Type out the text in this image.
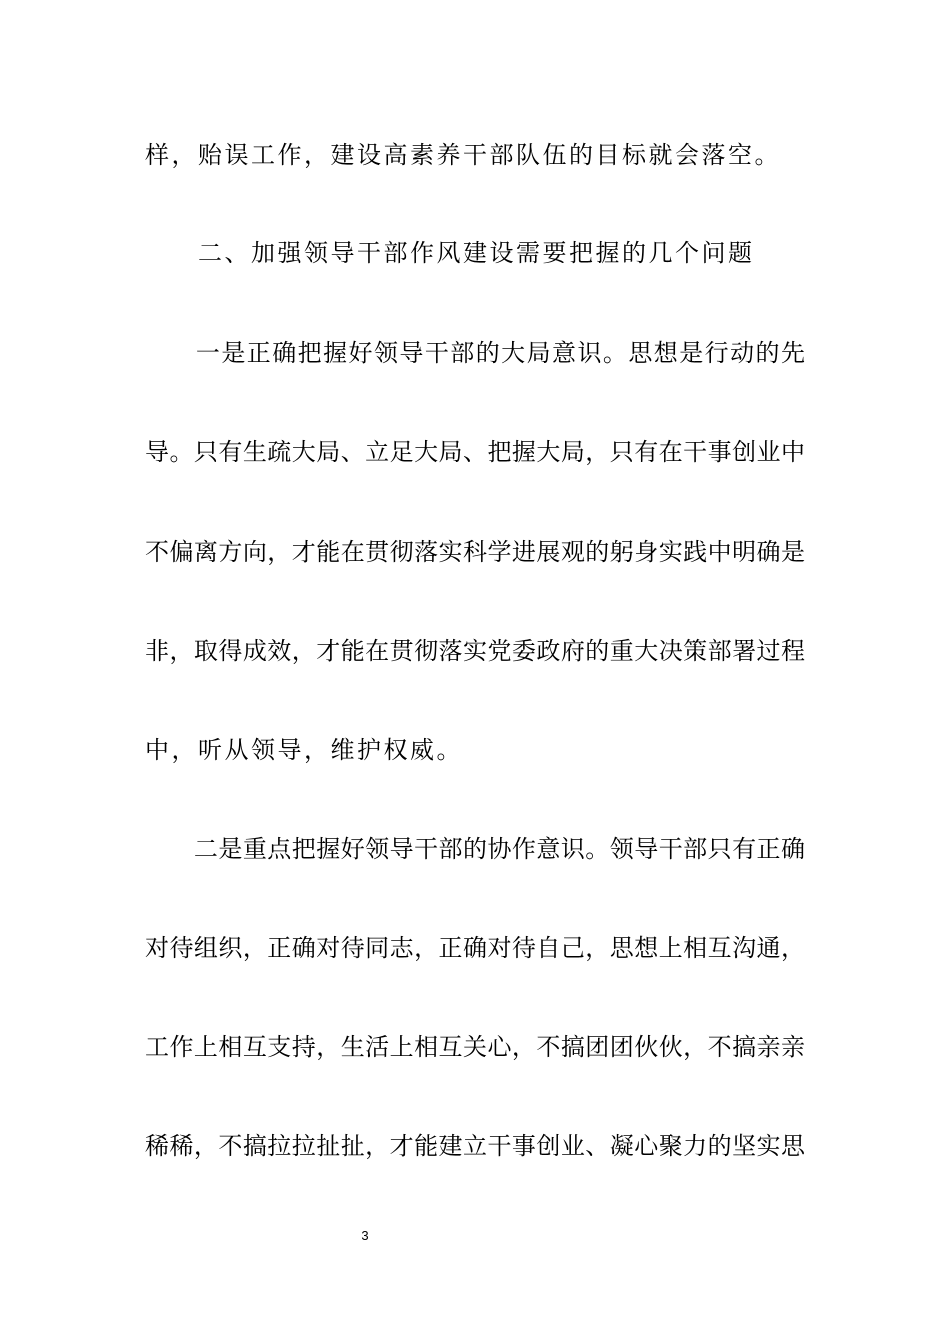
样，贻误工作，建设高素养干部队伍的目标就会落空。

　　二、加强领导干部作风建设需要把握的几个问题

　　一是正确把握好领导干部的大局意识。思想是行动的先

导。只有生疏大局、立足大局、把握大局，只有在干事创业中

不偏离方向，才能在贯彻落实科学进展观的躬身实践中明确是

非，取得成效，才能在贯彻落实党委政府的重大决策部署过程

中，听从领导，维护权威。

　　二是重点把握好领导干部的协作意识。领导干部只有正确

对待组织，正确对待同志，正确对待自己，思想上相互沟通，

工作上相互支持，生活上相互关心，不搞团团伙伙，不搞亲亲

稀稀，不搞拉拉扯扯，才能建立干事创业、凝心聚力的坚实思

3
